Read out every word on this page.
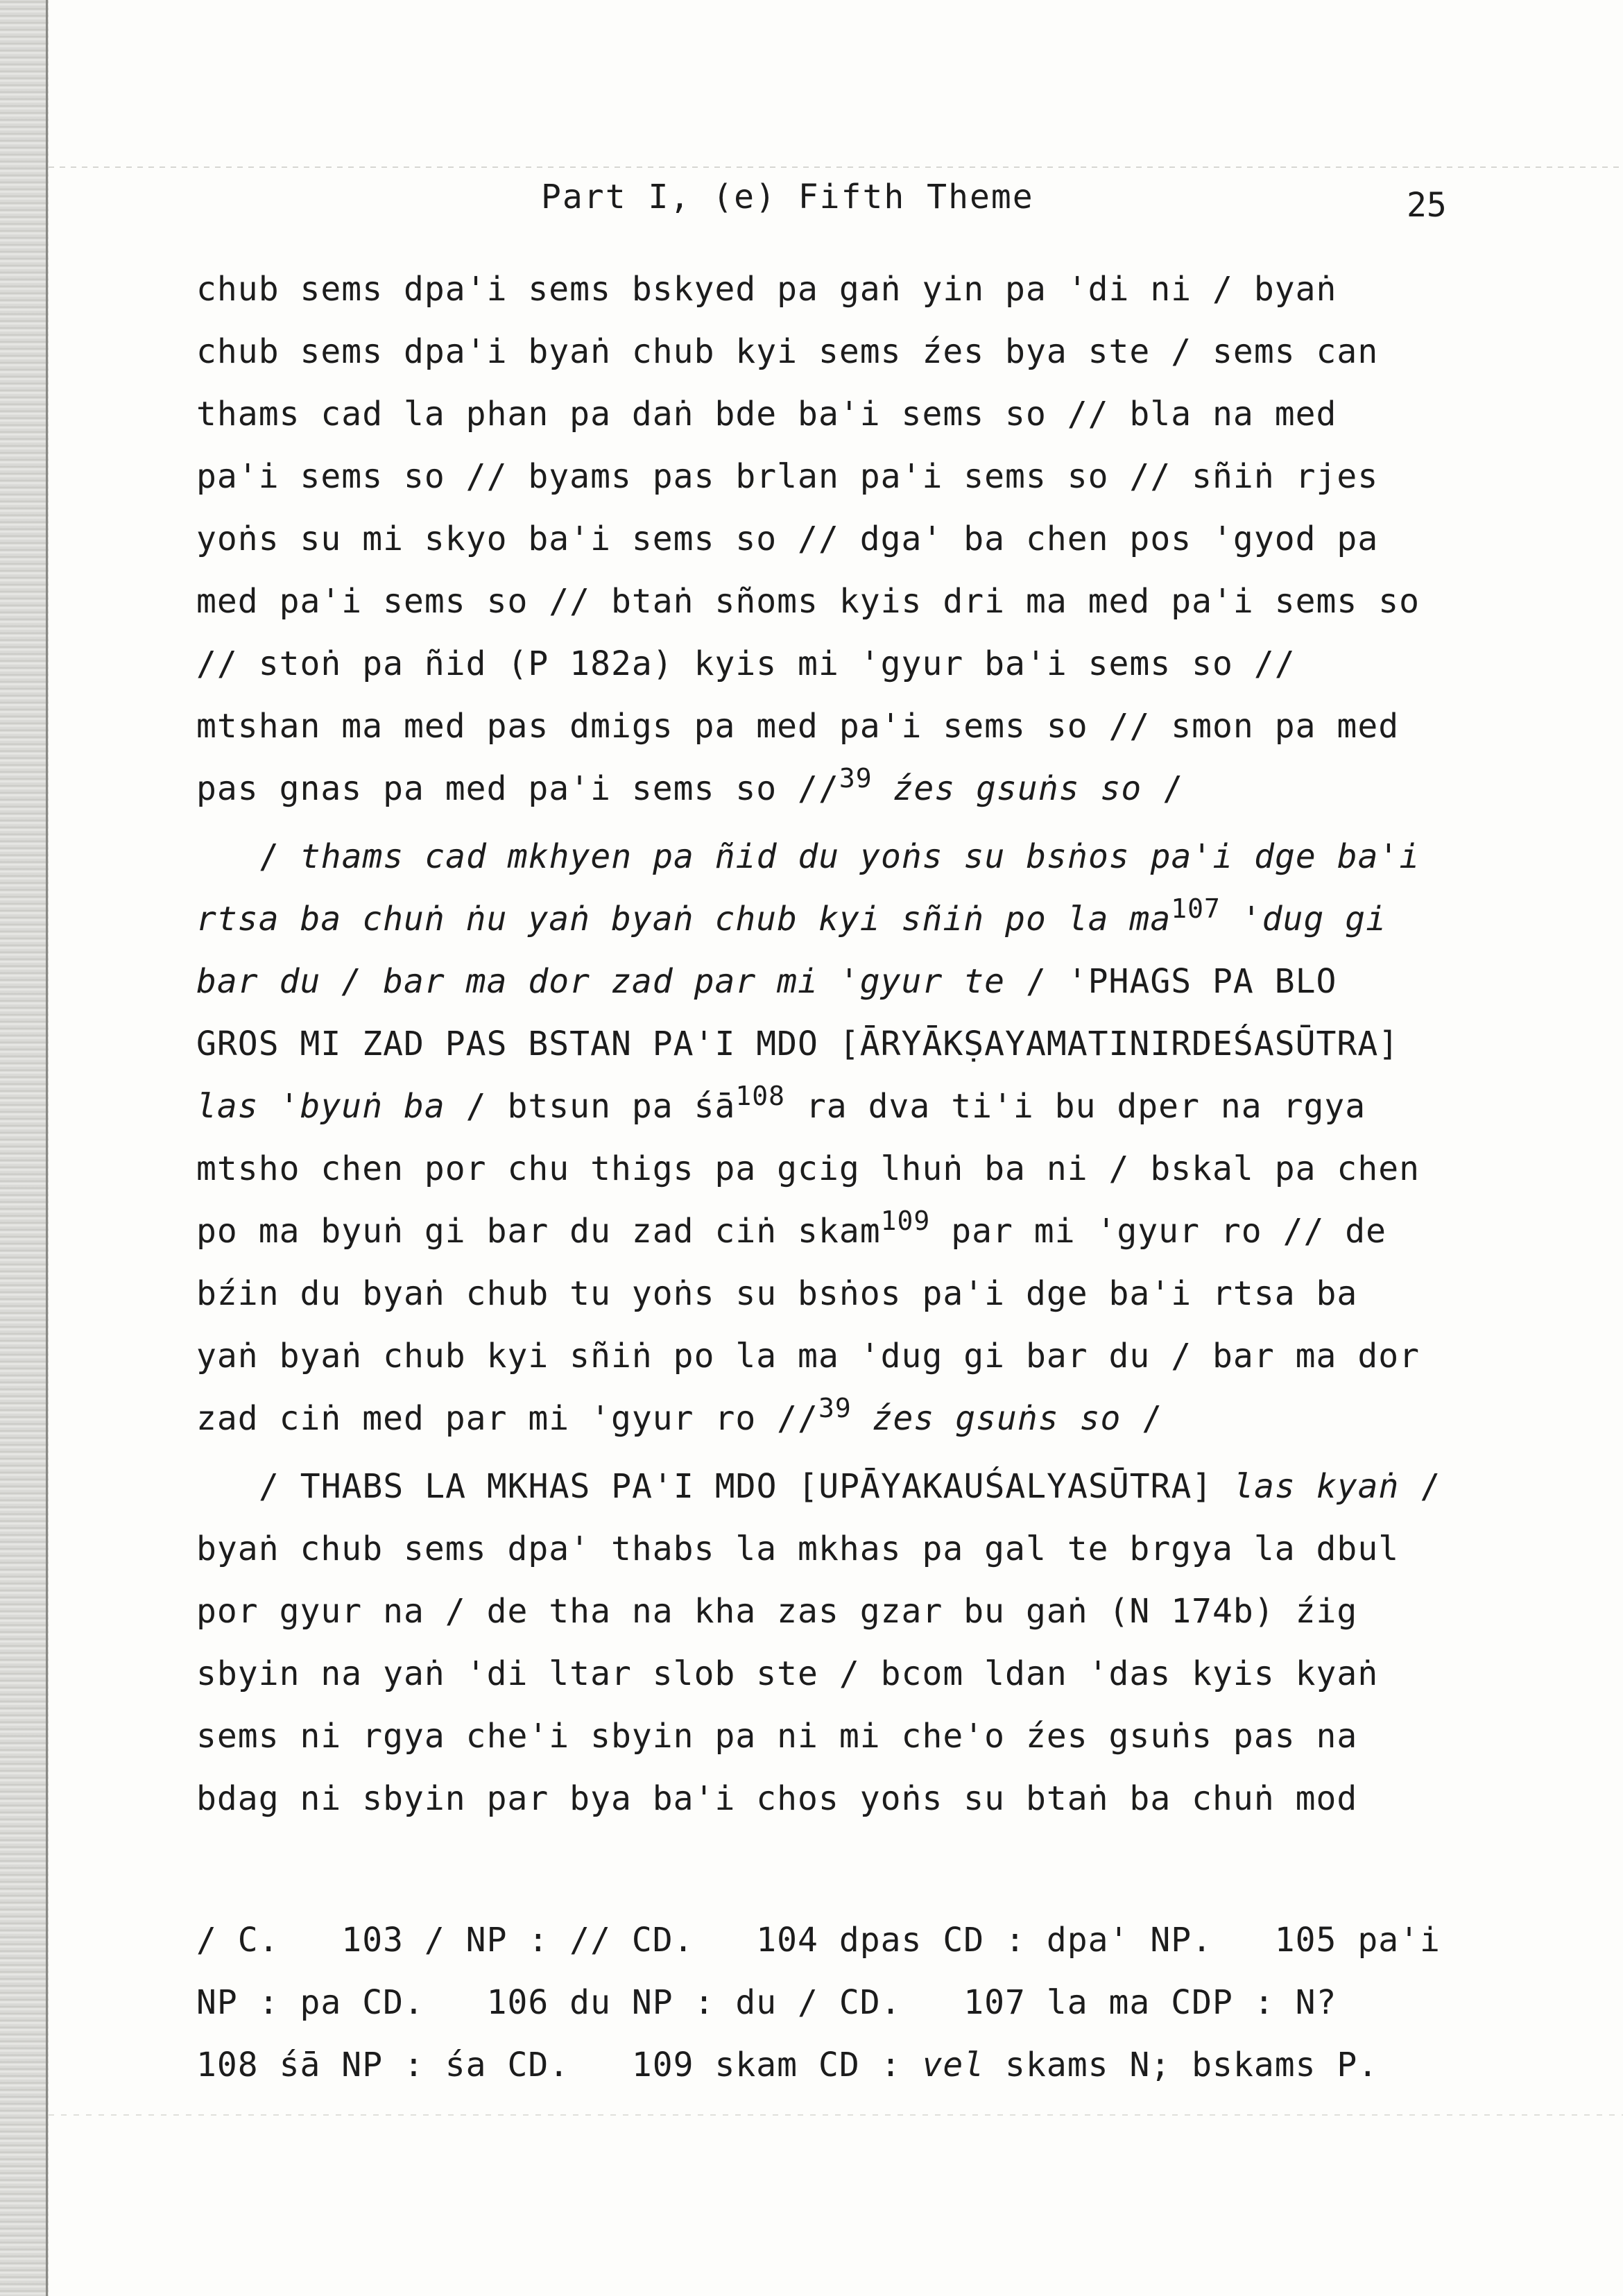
Part I, (e) Fifth Theme	25
chub sems dpa'i sems bskyed pa gaṅ yin pa 'di ni / byaṅ
chub sems dpa'i byaṅ chub kyi sems źes bya ste / sems can
thams cad la phan pa daṅ bde ba'i sems so // bla na med
pa'i sems so // byams pas brlan pa'i sems so // sñiṅ rjes
yoṅs su mi skyo ba'i sems so // dga' ba chen pos 'gyod pa
med pa'i sems so // btaṅ sñoms kyis dri ma med pa'i sems so
// stoṅ pa ñid (P 182a) kyis mi 'gyur ba'i sems so //
mtshan ma med pas dmigs pa med pa'i sems so // smon pa med
pas gnas pa med pa'i sems so //$^{39}$ źes gsuṅs so /
/ thams cad mkhyen pa ñid du yoṅs su bsṅos pa'i dge ba'i
rtsa ba chuṅ ṅu yaṅ byaṅ chub kyi sñiṅ po la $ma^{107}$ 'dug gi
bar du / bar ma dor zad par mi 'gyur te / 'PHAGS PA BLO
GROS MI ZAD PAS BSTAN PA'I MDO [ĀRYĀKṢAYAMATINIRDEŚASŪTRA]
las 'byuṅ ba / btsun pa $śā^{108}$ ra dva ti'i bu dper na rgya
mtsho chen por chu thigs pa gcig lhuṅ ba ni / bskal pa chen
po ma byuṅ gi bar du zad ciṅ skam$^{109}$ par mi 'gyur ro // de
bźin du byaṅ chub tu yoṅs su bsṅos pa'i dge ba'i rtsa ba
yaṅ byaṅ chub kyi sñiṅ po la ma 'dug gi bar du / bar ma dor
zad ciṅ med par mi 'gyur ro //$^{39}$ źes gsuṅs so /
/ THABS LA MKHAS PA'I MDO [UPĀYAKAUŚALYASŪTRA] las kyaṅ /
byaṅ chub sems dpa' thabs la mkhas pa gal te brgya la dbul
por gyur na / de tha na kha zas gzar bu gaṅ (N 174b) źig
sbyin na yaṅ 'di ltar slob ste / bcom ldan 'das kyis kyaṅ
sems ni rgya che'i sbyin pa ni mi che'o źes gsuṅs pas na
bdag ni sbyin par bya ba'i chos yoṅs su btaṅ ba chuṅ mod
/ C.   103 / NP : // CD.   104 dpas CD : dpa' NP.   105 pa'i
NP : pa CD.   106 du NP : du / CD.   107 la ma CDP : N?
108 śā NP : śa CD.   109 skam CD : vel skams N; bskams P.
